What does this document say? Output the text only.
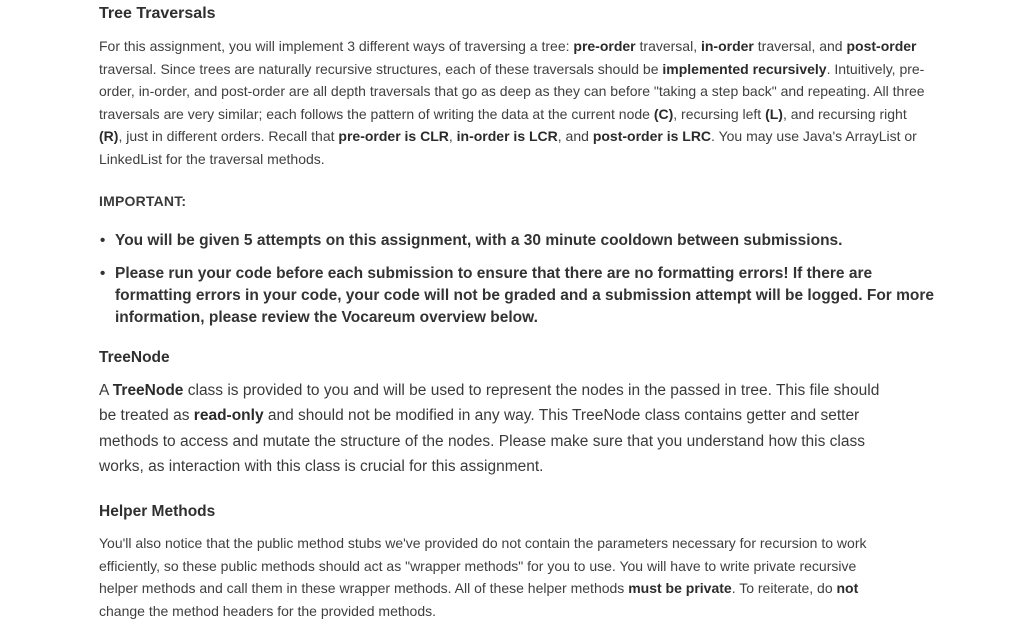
Tree Traversals
For this assignment, you will implement 3 different ways of traversing a tree: pre-order traversal, in-order traversal, and post-order traversal. Since trees are naturally recursive structures, each of these traversals should be implemented recursively. Intuitively, pre-order, in-order, and post-order are all depth traversals that go as deep as they can before "taking a step back" and repeating. All three traversals are very similar; each follows the pattern of writing the data at the current node (C), recursing left (L), and recursing right (R), just in different orders. Recall that pre-order is CLR, in-order is LCR, and post-order is LRC. You may use Java's ArrayList or LinkedList for the traversal methods.
IMPORTANT:
• You will be given 5 attempts on this assignment, with a 30 minute cooldown between submissions.
• Please run your code before each submission to ensure that there are no formatting errors! If there are formatting errors in your code, your code will not be graded and a submission attempt will be logged. For more information, please review the Vocareum overview below.
TreeNode
A TreeNode class is provided to you and will be used to represent the nodes in the passed in tree. This file should be treated as read-only and should not be modified in any way. This TreeNode class contains getter and setter methods to access and mutate the structure of the nodes. Please make sure that you understand how this class works, as interaction with this class is crucial for this assignment.
Helper Methods
You'll also notice that the public method stubs we've provided do not contain the parameters necessary for recursion to work efficiently, so these public methods should act as "wrapper methods" for you to use. You will have to write private recursive helper methods and call them in these wrapper methods. All of these helper methods must be private. To reiterate, do not change the method headers for the provided methods.
